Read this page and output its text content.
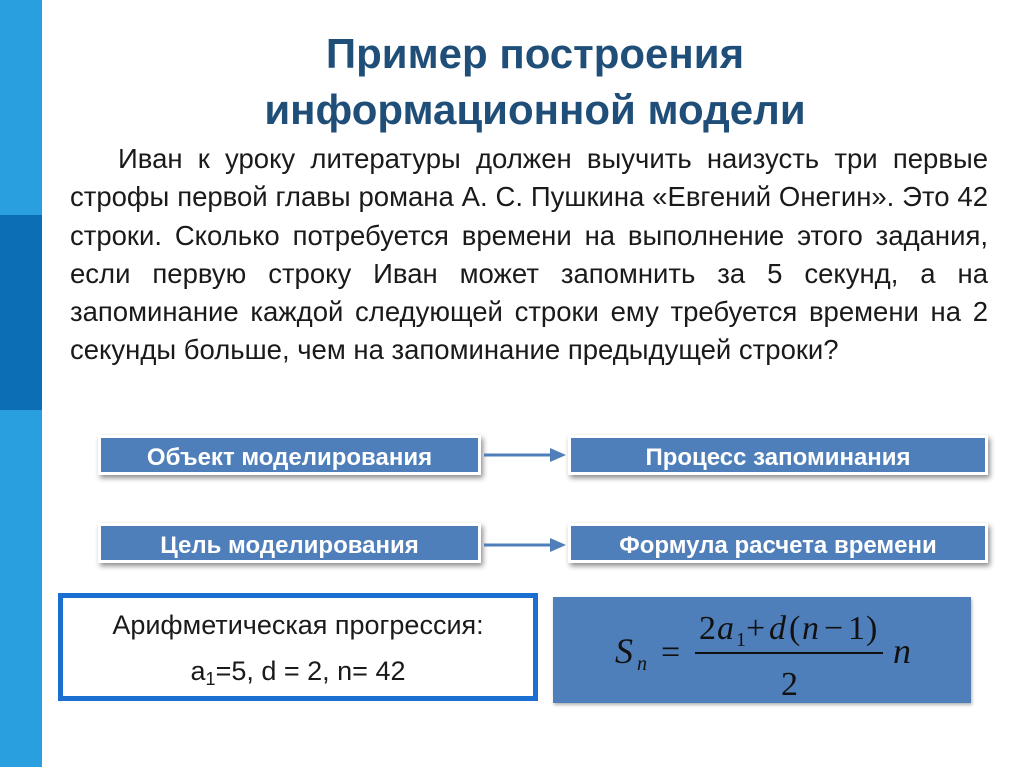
Пример построения
информационной модели
Иван к уроку литературы должен выучить наизусть три первые строфы первой главы романа А. С. Пушкина «Евгений Онегин». Это 42 строки. Сколько потребуется времени на выполнение этого задания, если первую строку Иван может запомнить за 5 секунд, а на запоминание каждой следующей строки ему требуется времени на 2 секунды больше, чем на запоминание предыдущей строки?
Объект моделирования	Процесс запоминания
Цель моделирования	Формула расчета времени
Арифметическая прогрессия:
$a_1=5$, d = 2, n= 42	S n =
2 a 1 + d ( n − 1 )
2
n
